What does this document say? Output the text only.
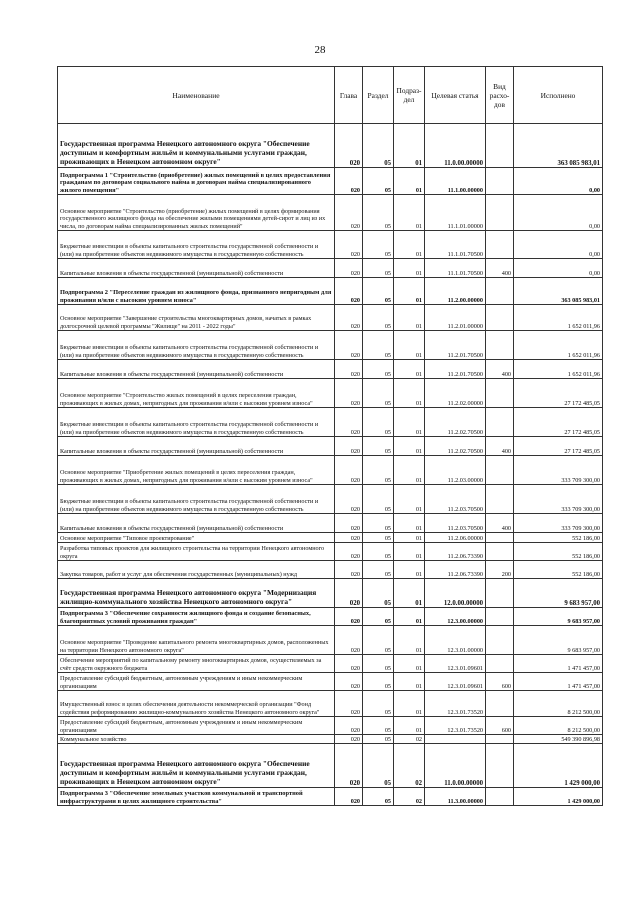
28
Наименование	Глава	Раздел	Подраз-дел	Целевая статья	Вид расхо-дов	Исполнено
Государственная программа Ненецкого автономного округа "Обеспечение доступным и комфортным жильём и коммунальными услугами граждан, проживающих в Ненецком автономном округе"	020	05	01	11.0.00.00000		363 085 983,01
Подпрограмма 1 "Строительство (приобретение) жилых помещений в целях предоставления гражданам по договорам социального найма и договорам найма специализированного жилого помещения"	020	05	01	11.1.00.00000		0,00
Основное мероприятие "Строительство (приобретение) жилых помещений в целях формирования государственного жилищного фонда на обеспечение жилыми помещениями детей-сирот и лиц из их числа, по договорам найма специализированных жилых помещений"	020	05	01	11.1.01.00000		0,00
Бюджетные инвестиции в объекты капитального строительства государственной собственности и (или) на приобретение объектов недвижимого имущества в государственную собственность	020	05	01	11.1.01.70500		0,00
Капитальные вложения в объекты государственной (муниципальной) собственности	020	05	01	11.1.01.70500	400	0,00
Подпрограмма 2 "Переселение граждан из жилищного фонда, признанного непригодным для проживания и/или с высоким уровнем износа"	020	05	01	11.2.00.00000		363 085 983,01
Основное мероприятие "Завершение строительства многоквартирных домов, начатых в рамках долгосрочной целевой программы "Жилище" на 2011 - 2022 годы"	020	05	01	11.2.01.00000		1 652 011,96
Бюджетные инвестиции в объекты капитального строительства государственной собственности и (или) на приобретение объектов недвижимого имущества в государственную собственность	020	05	01	11.2.01.70500		1 652 011,96
Капитальные вложения в объекты государственной (муниципальной) собственности	020	05	01	11.2.01.70500	400	1 652 011,96
Основное мероприятие "Строительство жилых помещений в целях переселения граждан, проживающих в жилых домах, непригодных для проживания и/или с высоким уровнем износа"	020	05	01	11.2.02.00000		27 172 485,05
Бюджетные инвестиции в объекты капитального строительства государственной собственности и (или) на приобретение объектов недвижимого имущества в государственную собственность	020	05	01	11.2.02.70500		27 172 485,05
Капитальные вложения в объекты государственной (муниципальной) собственности	020	05	01	11.2.02.70500	400	27 172 485,05
Основное мероприятие "Приобретение жилых помещений в целях переселения граждан, проживающих в жилых домах, непригодных для проживания и/или с высоким уровнем износа"	020	05	01	11.2.03.00000		333 709 300,00
Бюджетные инвестиции в объекты капитального строительства государственной собственности и (или) на приобретение объектов недвижимого имущества в государственную собственность	020	05	01	11.2.03.70500		333 709 300,00
Капитальные вложения в объекты государственной (муниципальной) собственности	020	05	01	11.2.03.70500	400	333 709 300,00
Основное мероприятие "Типовое проектирование"	020	05	01	11.2.06.00000		552 186,00
Разработка типовых проектов для жилищного строительства на территории Ненецкого автономного округа	020	05	01	11.2.06.73390		552 186,00
Закупка товаров, работ и услуг для обеспечения государственных (муниципальных) нужд	020	05	01	11.2.06.73390	200	552 186,00
Государственная программа Ненецкого автономного округа "Модернизация жилищно-коммунального хозяйства Ненецкого автономного округа"	020	05	01	12.0.00.00000		9 683 957,00
Подпрограмма 3 "Обеспечение сохранности жилищного фонда и создание безопасных, благоприятных условий проживания граждан"	020	05	01	12.3.00.00000		9 683 957,00
Основное мероприятие "Проведение капитального ремонта многоквартирных домов, расположенных на территории Ненецкого автономного округа"	020	05	01	12.3.01.00000		9 683 957,00
Обеспечение мероприятий по капитальному ремонту многоквартирных домов, осуществляемых за счёт средств окружного бюджета	020	05	01	12.3.01.09601		1 471 457,00
Предоставление субсидий бюджетным, автономным учреждениям и иным некоммерческим организациям	020	05	01	12.3.01.09601	600	1 471 457,00
Имущественный взнос в целях обеспечения деятельности некоммерческой организации "Фонд содействия реформированию жилищно-коммунального хозяйства Ненецкого автономного округа"	020	05	01	12.3.01.73520		8 212 500,00
Предоставление субсидий бюджетным, автономным учреждениям и иным некоммерческим организациям	020	05	01	12.3.01.73520	600	8 212 500,00
Коммунальное хозяйство	020	05	02			549 390 896,98
Государственная программа Ненецкого автономного округа "Обеспечение доступным и комфортным жильём и коммунальными услугами граждан, проживающих в Ненецком автономном округе"	020	05	02	11.0.00.00000		1 429 000,00
Подпрограмма 3 "Обеспечение земельных участков коммунальной и транспортной инфраструктурами в целях жилищного строительства"	020	05	02	11.3.00.00000		1 429 000,00
